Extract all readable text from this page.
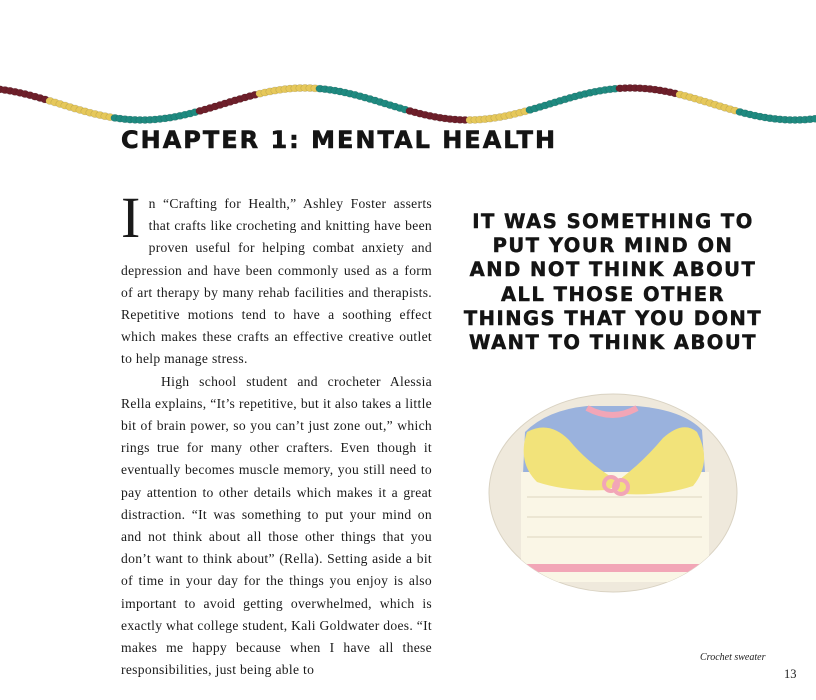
CHAPTER 1: MENTAL HEALTH

In “Crafting for Health,” Ashley Foster asserts that crafts like crocheting and knitting have been proven useful for helping combat anxiety and depression and have been commonly used as a form of art therapy by many rehab facilities and therapists. Repetitive motions tend to have a soothing effect which makes these crafts an effective creative outlet to help manage stress.

High school student and crocheter Alessia Rella explains, “It’s repetitive, but it also takes a little bit of brain power, so you can’t just zone out,” which rings true for many other crafters. Even though it eventually becomes muscle memory, you still need to pay attention to other details which makes it a great distraction. “It was something to put your mind on and not think about all those other things that you don’t want to think about” (Rella). Setting aside a bit of time in your day for the things you enjoy is also important to avoid getting overwhelmed, which is exactly what college student, Kali Goldwater does. “It makes me happy because when I have all these responsibilities, just being able to

IT WAS SOMETHING TO PUT YOUR MIND ON AND NOT THINK ABOUT ALL THOSE OTHER THINGS THAT YOU DONT WANT TO THINK ABOUT
Crochet sweater
13
